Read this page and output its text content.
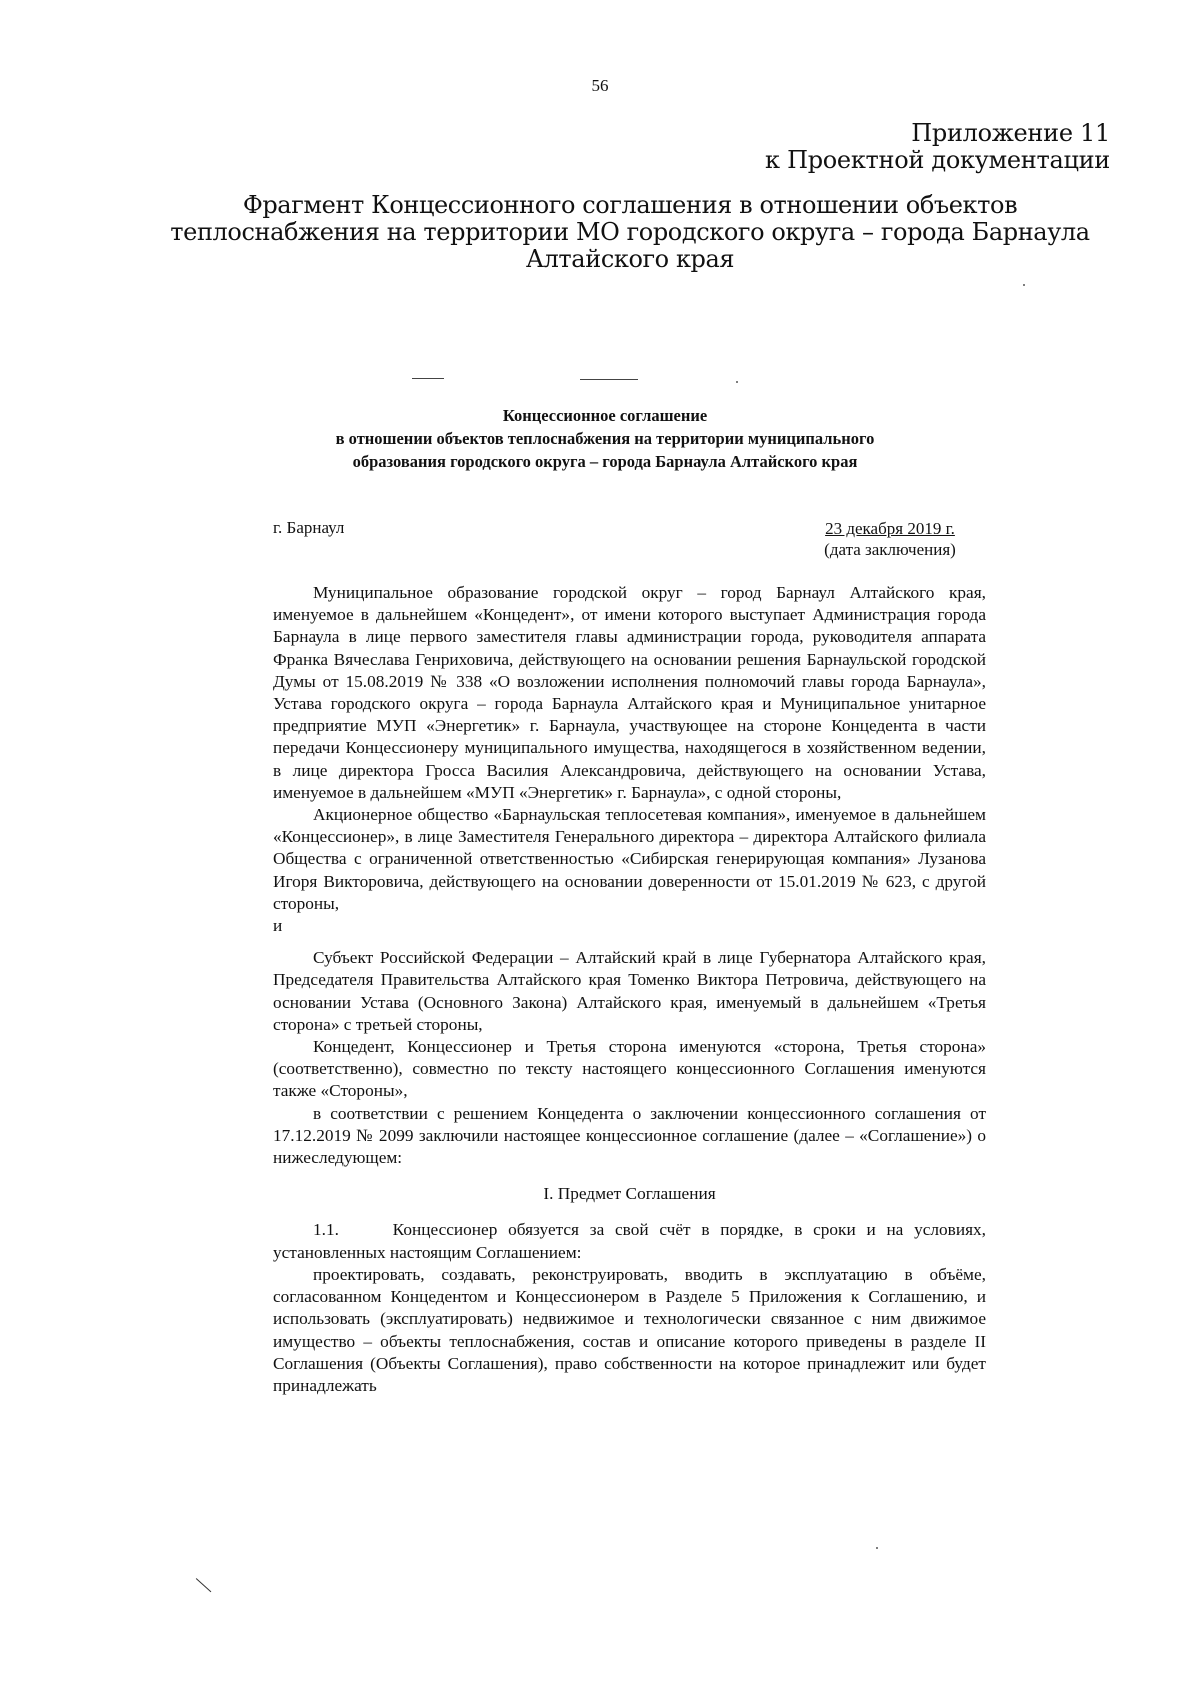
56
Приложение 11
к Проектной документации
Фрагмент Концессионного соглашения в отношении объектов теплоснабжения на территории МО городского округа – города Барнаула Алтайского края
Концессионное соглашение
в отношении объектов теплоснабжения на территории муниципального
образования городского округа – города Барнаула Алтайского края
г. Барнаул	23 декабря 2019 г.
(дата заключения)

Муниципальное образование городской округ – город Барнаул Алтайского края, именуемое в дальнейшем «Концедент», от имени которого выступает Администрация города Барнаула в лице первого заместителя главы администрации города, руководителя аппарата Франка Вячеслава Генриховича, действующего на основании решения Барнаульской городской Думы от 15.08.2019 № 338 «О возложении исполнения полномочий главы города Барнаула», Устава городского округа – города Барнаула Алтайского края и Муниципальное унитарное предприятие МУП «Энергетик» г. Барнаула, участвующее на стороне Концедента в части передачи Концессионеру муниципального имущества, находящегося в хозяйственном ведении, в лице директора Гросса Василия Александровича, действующего на основании Устава, именуемое в дальнейшем «МУП «Энергетик» г. Барнаула», с одной стороны,

Акционерное общество «Барнаульская теплосетевая компания», именуемое в дальнейшем «Концессионер», в лице Заместителя Генерального директора – директора Алтайского филиала Общества с ограниченной ответственностью «Сибирская генерирующая компания» Лузанова Игоря Викторовича, действующего на основании доверенности от 15.01.2019 № 623, с другой стороны,

и

Субъект Российской Федерации – Алтайский край в лице Губернатора Алтайского края, Председателя Правительства Алтайского края Томенко Виктора Петровича, действующего на основании Устава (Основного Закона) Алтайского края, именуемый в дальнейшем «Третья сторона» с третьей стороны,

Концедент, Концессионер и Третья сторона именуются «сторона, Третья сторона» (соответственно), совместно по тексту настоящего концессионного Соглашения именуются также «Стороны»,

в соответствии с решением Концедента о заключении концессионного соглашения от 17.12.2019 № 2099 заключили настоящее концессионное соглашение (далее – «Соглашение») о нижеследующем:

I. Предмет Соглашения

1.1.	Концессионер обязуется за свой счёт в порядке, в сроки и на условиях, установленных настоящим Соглашением:

проектировать, создавать, реконструировать, вводить в эксплуатацию в объёме, согласованном Концедентом и Концессионером в Разделе 5 Приложения к Соглашению, и использовать (эксплуатировать) недвижимое и технологически связанное с ним движимое имущество – объекты теплоснабжения, состав и описание которого приведены в разделе II Соглашения (Объекты Соглашения), право собственности на которое принадлежит или будет принадлежать
